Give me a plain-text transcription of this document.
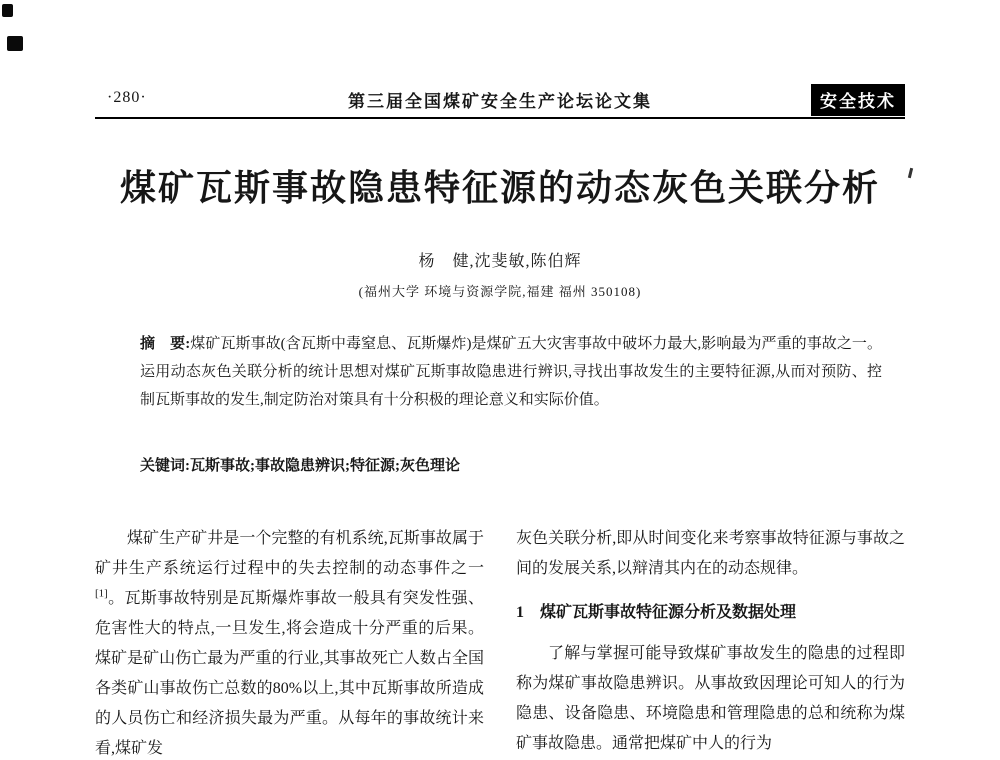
·280·	第三届全国煤矿安全生产论坛论文集	安全技术
煤矿瓦斯事故隐患特征源的动态灰色关联分析
杨　健,沈斐敏,陈伯辉
(福州大学 环境与资源学院,福建 福州 350108)
摘　要:煤矿瓦斯事故(含瓦斯中毒窒息、瓦斯爆炸)是煤矿五大灾害事故中破坏力最大,影响最为严重的事故之一。运用动态灰色关联分析的统计思想对煤矿瓦斯事故隐患进行辨识,寻找出事故发生的主要特征源,从而对预防、控制瓦斯事故的发生,制定防治对策具有十分积极的理论意义和实际价值。
关键词:瓦斯事故;事故隐患辨识;特征源;灰色理论

煤矿生产矿井是一个完整的有机系统,瓦斯事故属于矿井生产系统运行过程中的失去控制的动态事件之一[1]。瓦斯事故特别是瓦斯爆炸事故一般具有突发性强、危害性大的特点,一旦发生,将会造成十分严重的后果。煤矿是矿山伤亡最为严重的行业,其事故死亡人数占全国各类矿山事故伤亡总数的80%以上,其中瓦斯事故所造成的人员伤亡和经济损失最为严重。从每年的事故统计来看,煤矿发

灰色关联分析,即从时间变化来考察事故特征源与事故之间的发展关系,以辩清其内在的动态规律。

1　煤矿瓦斯事故特征源分析及数据处理

了解与掌握可能导致煤矿事故发生的隐患的过程即称为煤矿事故隐患辨识。从事故致因理论可知人的行为隐患、设备隐患、环境隐患和管理隐患的总和统称为煤矿事故隐患。通常把煤矿中人的行为
